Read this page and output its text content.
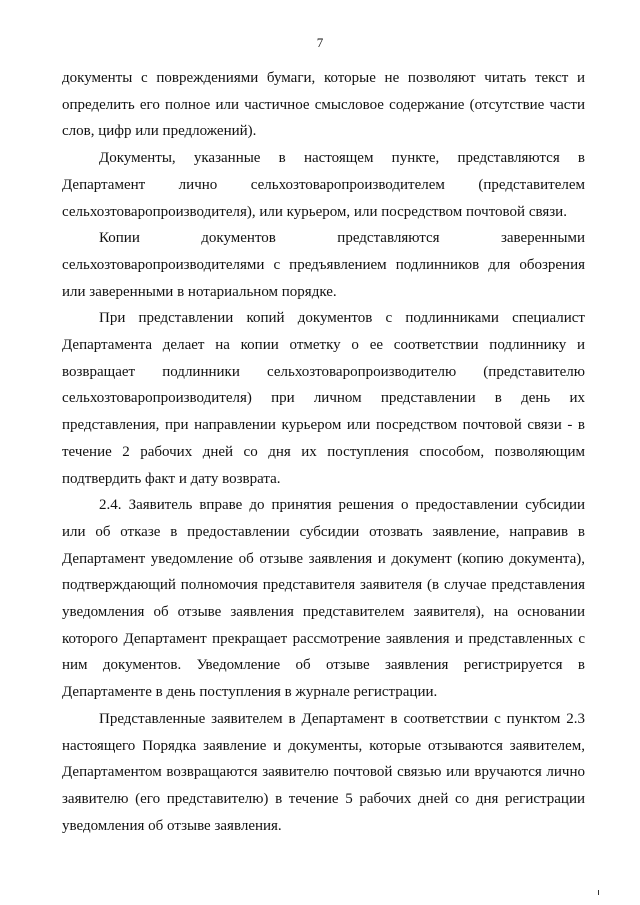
7

документы с повреждениями бумаги, которые не позволяют читать текст и определить его полное или частичное смысловое содержание (отсутствие части слов, цифр или предложений).

Документы, указанные в настоящем пункте, представляются в Департамент лично сельхозтоваропроизводителем (представителем сельхозтоваропроизводителя), или курьером, или посредством почтовой связи.

Копии документов представляются заверенными сельхозтоваропроизводителями с предъявлением подлинников для обозрения или заверенными в нотариальном порядке.

При представлении копий документов с подлинниками специалист Департамента делает на копии отметку о ее соответствии подлиннику и возвращает подлинники сельхозтоваропроизводителю (представителю сельхозтоваропроизводителя) при личном представлении в день их представления, при направлении курьером или посредством почтовой связи - в течение 2 рабочих дней со дня их поступления способом, позволяющим подтвердить факт и дату возврата.

2.4. Заявитель вправе до принятия решения о предоставлении субсидии или об отказе в предоставлении субсидии отозвать заявление, направив в Департамент уведомление об отзыве заявления и документ (копию документа), подтверждающий полномочия представителя заявителя (в случае представления уведомления об отзыве заявления представителем заявителя), на основании которого Департамент прекращает рассмотрение заявления и представленных с ним документов. Уведомление об отзыве заявления регистрируется в Департаменте в день поступления в журнале регистрации.

Представленные заявителем в Департамент в соответствии с пунктом 2.3 настоящего Порядка заявление и документы, которые отзываются заявителем, Департаментом возвращаются заявителю почтовой связью или вручаются лично заявителю (его представителю) в течение 5 рабочих дней со дня регистрации уведомления об отзыве заявления.
